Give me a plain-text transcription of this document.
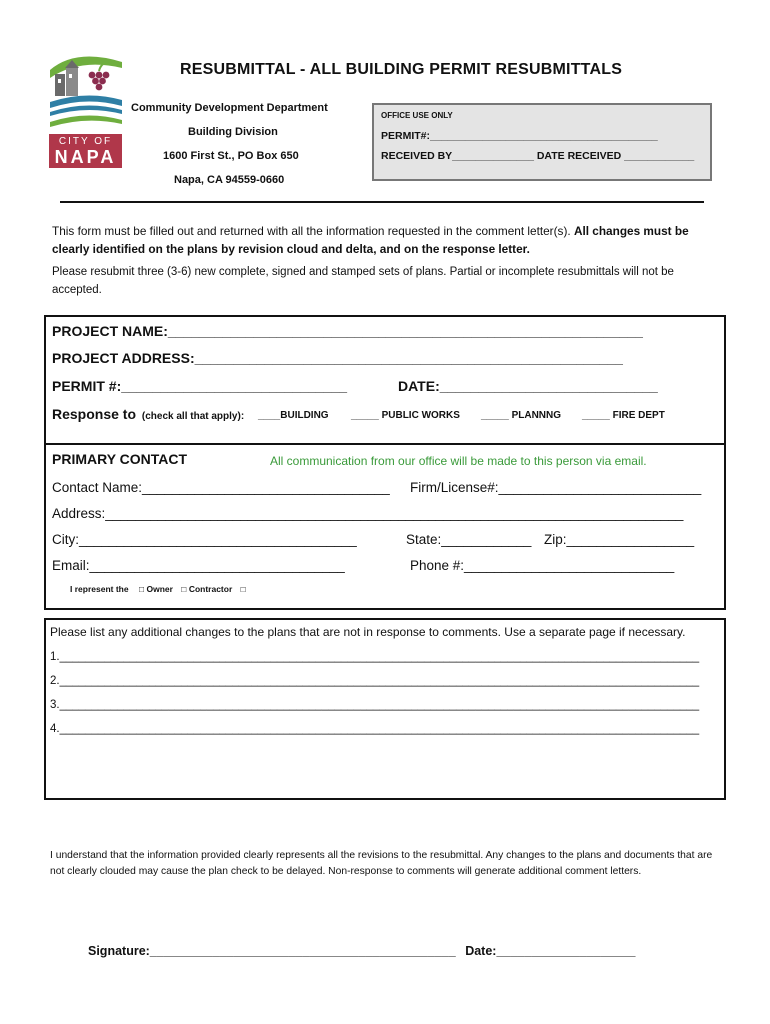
CITY OF
NAPA
RESUBMITTAL - ALL BUILDING PERMIT RESUBMITTALS
Community Development Department
Building Division
1600 First St., PO Box 650
Napa, CA 94559-0660
OFFICE USE ONLY
PERMIT#:_______________________________________
RECEIVED BY______________ DATE RECEIVED ____________
This form must be filled out and returned with all the information requested in the comment letter(s). All changes must be clearly identified on the plans by revision cloud and delta, and on the response letter.
Please resubmit three (3-6) new complete, signed and stamped sets of plans. Partial or incomplete resubmittals will not be accepted.
PROJECT NAME:_____________________________________________________________
PROJECT ADDRESS:_______________________________________________________
PERMIT #:_____________________________	DATE:____________________________
Response to (check all that apply): ____BUILDING _____ PUBLIC WORKS _____ PLANNNG _____ FIRE DEPT
PRIMARY CONTACT	All communication from our office will be made to this person via email.
Contact Name:_________________________________ Firm/License#:___________________________
Address:_____________________________________________________________________________
City:_____________________________________	State:____________ Zip:_________________
Email:__________________________________	Phone #:____________________________
I represent the □ Owner □ Contractor □
Please list any additional changes to the plans that are not in response to comments. Use a separate page if necessary.
1.____________________________________________________________________________________________________
2.____________________________________________________________________________________________________
3.____________________________________________________________________________________________________
4.____________________________________________________________________________________________________
I understand that the information provided clearly represents all the revisions to the resubmittal. Any changes to the plans and documents that are not clearly clouded may cause the plan check to be delayed. Non-response to comments will generate additional comment letters.
Signature:____________________________________________ Date:____________________
